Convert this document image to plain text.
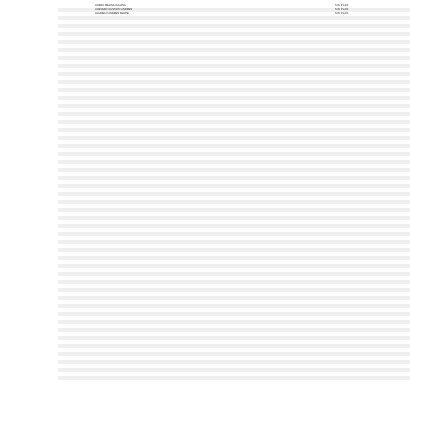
	ACERO MELISA JULIANA			SIN PLAN
	ACEVEDO GUSTAVO ANDRES			SIN PLAN
	AGUDELO ANDRES FELIPE			SIN PLAN
